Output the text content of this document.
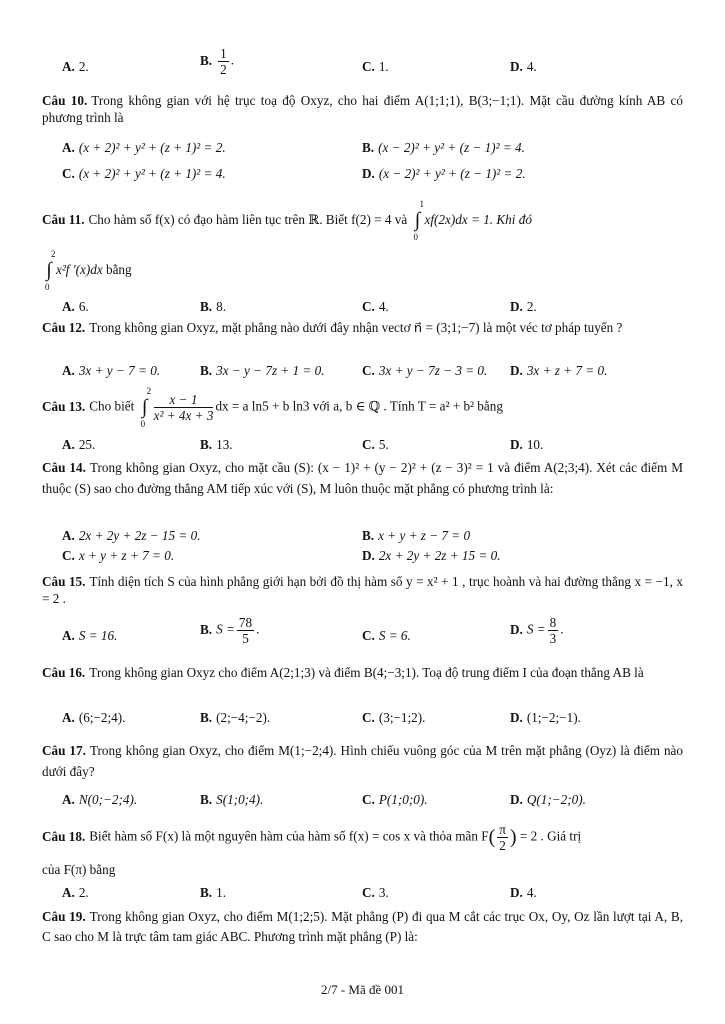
A. 2.	B. $\frac{1}{2}$ .	C. 1.	D. 4.
Câu 10. Trong không gian với hệ trục toạ độ Oxyz, cho hai điểm A(1;1;1), B(3;−1;1). Mặt cầu đường kính AB có phương trình là
A. (x + 2)² + y² + (z + 1)² = 2.	B. (x − 2)² + y² + (z − 1)² = 4.
C. (x + 2)² + y² + (z + 1)² = 4.	D. (x − 2)² + y² + (z − 1)² = 2.
Câu 11. Cho hàm số f(x) có đạo hàm liên tục trên ℝ. Biết f(2) = 4 và ∫
1
0
xf(2x)dx = 1. Khi đó
∫
2
0
x²f '(x)dx bằng
A. 6.	B. 8.	C. 4.	D. 2.
Câu 12. Trong không gian Oxyz, mặt phẳng nào dưới đây nhận vectơ n⃗ = (3;1;−7) là một véc tơ pháp tuyến ?
A. 3x + y − 7 = 0.	B. 3x − y − 7z + 1 = 0.	C. 3x + y − 7z − 3 = 0. D. 3x + z + 7 = 0.
Câu 13. Cho biết ∫
2
0
$\frac{x - 1}{\text{x² + 4x + 3}}$ dx = a ln5 + b ln3 với a, b ∈ ℚ . Tính T = a² + b² bằng
A. 25.	B. 13.	C. 5.	D. 10.
Câu 14. Trong không gian Oxyz, cho mặt cầu (S): (x − 1)² + (y − 2)² + (z − 3)² = 1 và điểm A(2;3;4). Xét các điểm M thuộc (S) sao cho đường thẳng AM tiếp xúc với (S), M luôn thuộc mặt phẳng có phương trình là:
A. 2x + 2y + 2z − 15 = 0.	B. x + y + z − 7 = 0
C. x + y + z + 7 = 0.	D. 2x + 2y + 2z + 15 = 0.
Câu 15. Tính diện tích S của hình phẳng giới hạn bởi đồ thị hàm số y = x² + 1 , trục hoành và hai đường thẳng x = −1, x = 2 .
A. S = 16.	B. $S = \frac{78}{5}$ .	C. S = 6.	D. $S = \frac{8}{3}$ .
Câu 16. Trong không gian Oxyz cho điểm A(2;1;3) và điểm B(4;−3;1). Toạ độ trung điểm I của đoạn thẳng AB là
A. (6;−2;4).	B. (2;−4;−2).	C. (3;−1;2).	D. (1;−2;−1).
Câu 17. Trong không gian Oxyz, cho điểm M(1;−2;4). Hình chiếu vuông góc của M trên mặt phẳng (Oyz) là điểm nào dưới đây?
A. N(0;−2;4).	B. S(1;0;4).	C. P(1;0;0).	D. Q(1;−2;0).
Câu 18. Biết hàm số F(x) là một nguyên hàm của hàm số f(x) = cos x và thỏa mãn $F( \frac{\pi}{2}$ ) = 2 . Giá trị
của F(π) bằng
A. 2.	B. 1.	C. 3.	D. 4.
Câu 19. Trong không gian Oxyz, cho điểm M(1;2;5). Mặt phẳng (P) đi qua M cắt các trục Ox, Oy, Oz lần lượt tại A, B, C sao cho M là trực tâm tam giác ABC. Phương trình mặt phẳng (P) là:
2/7 - Mã đề 001
